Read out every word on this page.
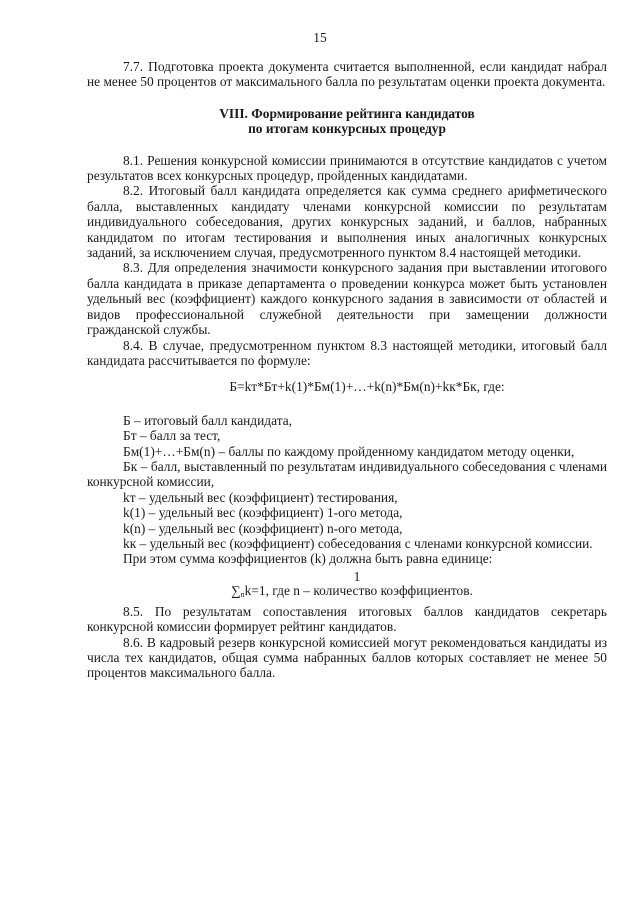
15

7.7. Подготовка проекта документа считается выполненной, если кандидат набрал не менее 50 процентов от максимального балла по результатам оценки проекта документа.

VIII. Формирование рейтинга кандидатов
по итогам конкурсных процедур

8.1. Решения конкурсной комиссии принимаются в отсутствие кандидатов с учетом результатов всех конкурсных процедур, пройденных кандидатами.

8.2. Итоговый балл кандидата определяется как сумма среднего арифметического балла, выставленных кандидату членами конкурсной комиссии по результатам индивидуального собеседования, других конкурсных заданий, и баллов, набранных кандидатом по итогам тестирования и выполнения иных аналогичных конкурсных заданий, за исключением случая, предусмотренного пунктом 8.4 настоящей методики.

8.3. Для определения значимости конкурсного задания при выставлении итогового балла кандидата в приказе департамента о проведении конкурса может быть установлен удельный вес (коэффициент) каждого конкурсного задания в зависимости от областей и видов профессиональной служебной деятельности при замещении должности гражданской службы.

8.4. В случае, предусмотренном пунктом 8.3 настоящей методики, итоговый балл кандидата рассчитывается по формуле:

Б=kт*Бт+k(1)*Бм(1)+…+k(n)*Бм(n)+kк*Бк, где:

Б – итоговый балл кандидата,

Бт – балл за тест,

Бм(1)+…+Бм(n) – баллы по каждому пройденному кандидатом методу оценки,

Бк – балл, выставленный по результатам индивидуального собеседования с членами конкурсной комиссии,

kт – удельный вес (коэффициент) тестирования,

k(1) – удельный вес (коэффициент) 1-ого метода,

k(n) – удельный вес (коэффициент) n-ого метода,

kк – удельный вес (коэффициент) собеседования с членами конкурсной комиссии.

При этом сумма коэффициентов (k) должна быть равна единице:

1
$\sum_nk=1$, где n – количество коэффициентов.

8.5. По результатам сопоставления итоговых баллов кандидатов секретарь конкурсной комиссии формирует рейтинг кандидатов.

8.6. В кадровый резерв конкурсной комиссией могут рекомендоваться кандидаты из числа тех кандидатов, общая сумма набранных баллов которых составляет не менее 50 процентов максимального балла.
